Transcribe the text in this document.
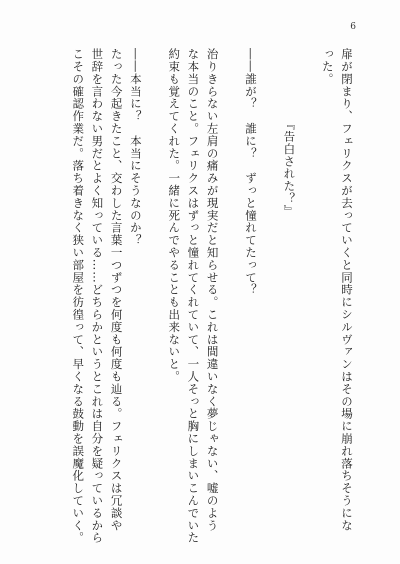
6
扉が閉まり、フェリクスが去っていくと同時にシルヴァンはその場に崩れ落ちそうにな
った。
『告白された？』
――誰が？　誰に？　ずっと憧れてたって？
治りきらない左肩の痛みが現実だと知らせる。これは間違いなく夢じゃない、嘘のよう
な本当のこと。フェリクスはずっと憧れてくれていて、一人そっと胸にしまいこんでいた
約束も覚えてくれた。一緒に死んでやることも出来ないと。
――本当に？　本当にそうなのか？
たった今起きたこと、交わした言葉一つずつを何度も何度も辿る。フェリクスは冗談や
世辞を言わない男だとよく知っている……どちらかというとこれは自分を疑っているから
こその確認作業だ。落ち着きなく狭い部屋を彷徨って、早くなる鼓動を誤魔化していく。
